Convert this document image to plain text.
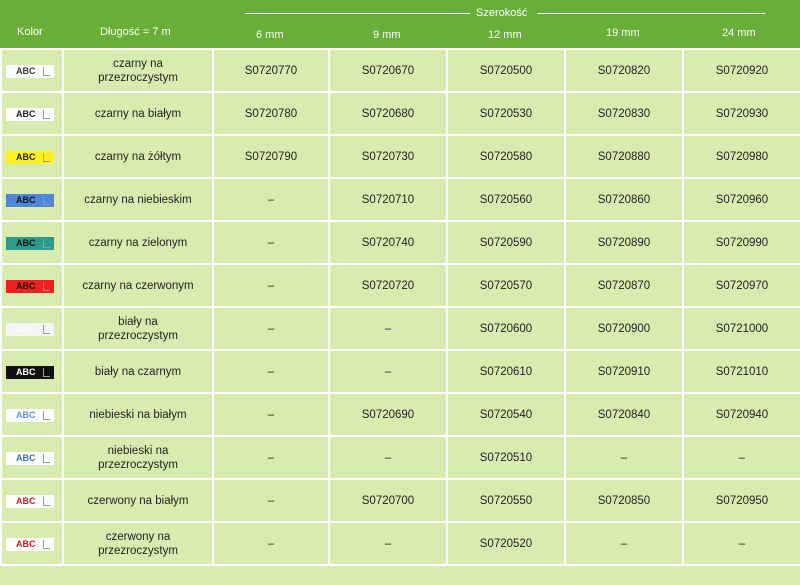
Kolor	Długość = 7 m
Szerokość
6 mm	9 mm	12 mm	19 mm	24 mm
ABC	czarny na przezroczystym	S0720770	S0720670	S0720500	S0720820	S0720920
ABC	czarny na białym	S0720780	S0720680	S0720530	S0720830	S0720930
ABC	czarny na żółtym	S0720790	S0720730	S0720580	S0720880	S0720980
ABC	czarny na niebieskim	–	S0720710	S0720560	S0720860	S0720960
ABC	czarny na zielonym	–	S0720740	S0720590	S0720890	S0720990
ABC	czarny na czerwonym	–	S0720720	S0720570	S0720870	S0720970
ABC	biały na przezroczystym	–	–	S0720600	S0720900	S0721000
ABC	biały na czarnym	–	–	S0720610	S0720910	S0721010
ABC	niebieski na białym	–	S0720690	S0720540	S0720840	S0720940
ABC	niebieski na przezroczystym	–	–	S0720510	–	–
ABC	czerwony na białym	–	S0720700	S0720550	S0720850	S0720950
ABC	czerwony na przezroczystym	–	–	S0720520	–	–
